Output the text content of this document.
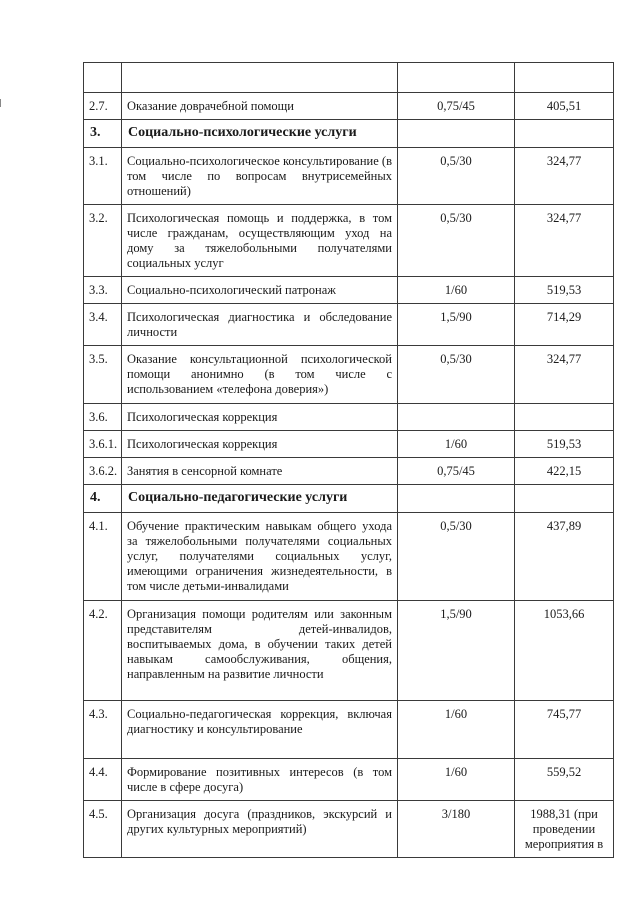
2.7.	Оказание доврачебной помощи	0,75/45	405,51
3.	Социально-психологические услуги		
3.1.	Социально-психологическое консультирование (в том числе по вопросам внутрисемейных отношений)	0,5/30	324,77
3.2.	Психологическая помощь и поддержка, в том числе гражданам, осуществляющим уход на дому за тяжелобольными получателями социальных услуг	0,5/30	324,77
3.3.	Социально-психологический патронаж	1/60	519,53
3.4.	Психологическая диагностика и обследование личности	1,5/90	714,29
3.5.	Оказание консультационной психологической помощи анонимно (в том числе с использованием «телефона доверия»)	0,5/30	324,77
3.6.	Психологическая коррекция		
3.6.1.	Психологическая коррекция	1/60	519,53
3.6.2.	Занятия в сенсорной комнате	0,75/45	422,15
4.	Социально-педагогические услуги		
4.1.	Обучение практическим навыкам общего ухода за тяжелобольными получателями социальных услуг, получателями социальных услуг, имеющими ограничения жизнедеятельности, в том числе детьми-инвалидами	0,5/30	437,89
4.2.	Организация помощи родителям или законным представителям детей-инвалидов, воспитываемых дома, в обучении таких детей навыкам самообслуживания, общения, направленным на развитие личности	1,5/90	1053,66
4.3.	Социально-педагогическая коррекция, включая диагностику и консультирование	1/60	745,77
4.4.	Формирование позитивных интересов (в том числе в сфере досуга)	1/60	559,52
4.5.	Организация досуга (праздников, экскурсий и других культурных мероприятий)	3/180	1988,31 (при проведении мероприятия в
